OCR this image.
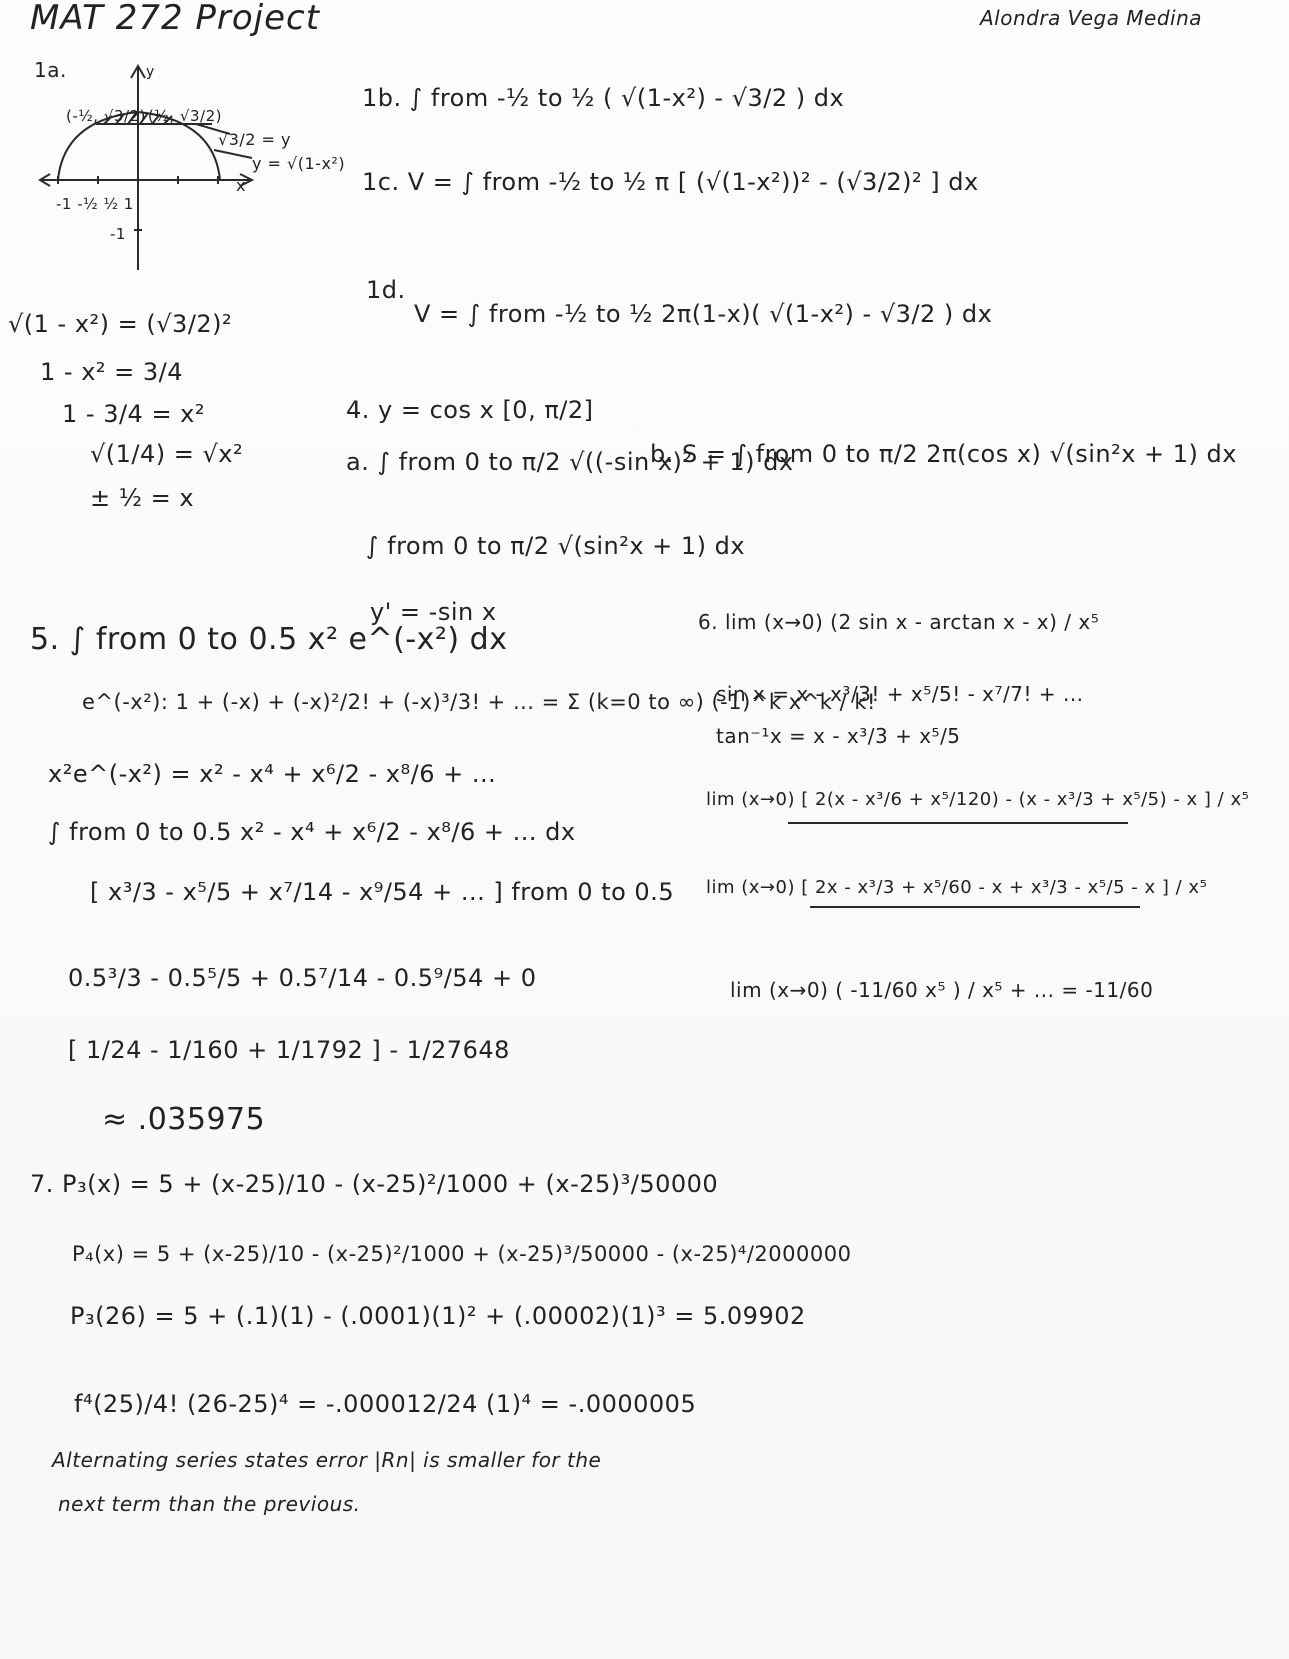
MAT 272 Project	Alondra Vega Medina
1a.
(-½, √3/2) (½, √3/2)
√3/2 = y
y = √(1-x²)
y
x
-1 -½ ½ 1
-1
√(1 - x²) = (√3/2)²
1 - x² = 3/4
1 - 3/4 = x²
√(1/4) = √x²
± ½ = x
1b. ∫ from -½ to ½ ( √(1-x²) - √3/2 ) dx
1c. V = ∫ from -½ to ½ π [ (√(1-x²))² - (√3/2)² ] dx
1d.
V = ∫ from -½ to ½ 2π(1-x)( √(1-x²) - √3/2 ) dx
4. y = cos x [0, π/2]
a. ∫ from 0 to π/2 √((-sin x)² + 1) dx
b. S = ∫ from 0 to π/2 2π(cos x) √(sin²x + 1) dx
∫ from 0 to π/2 √(sin²x + 1) dx
y' = -sin x
5. ∫ from 0 to 0.5 x² e^(-x²) dx
e^(-x²): 1 + (-x) + (-x)²/2! + (-x)³/3! + ... = Σ (k=0 to ∞) (-1)^k x^k / k!
x²e^(-x²) = x² - x⁴ + x⁶/2 - x⁸/6 + ...
∫ from 0 to 0.5 x² - x⁴ + x⁶/2 - x⁸/6 + ... dx
[ x³/3 - x⁵/5 + x⁷/14 - x⁹/54 + ... ] from 0 to 0.5
0.5³/3 - 0.5⁵/5 + 0.5⁷/14 - 0.5⁹/54 + 0
[ 1/24 - 1/160 + 1/1792 ] - 1/27648
≈ .035975
6. lim (x→0) (2 sin x - arctan x - x) / x⁵
sin x = x - x³/3! + x⁵/5! - x⁷/7! + ...
tan⁻¹x = x - x³/3 + x⁵/5
lim (x→0) [ 2(x - x³/6 + x⁵/120) - (x - x³/3 + x⁵/5) - x ] / x⁵
lim (x→0) [ 2x - x³/3 + x⁵/60 - x + x³/3 - x⁵/5 - x ] / x⁵
lim (x→0) ( -11/60 x⁵ ) / x⁵ + ... = -11/60
7. P₃(x) = 5 + (x-25)/10 - (x-25)²/1000 + (x-25)³/50000
P₄(x) = 5 + (x-25)/10 - (x-25)²/1000 + (x-25)³/50000 - (x-25)⁴/2000000
P₃(26) = 5 + (.1)(1) - (.0001)(1)² + (.00002)(1)³ = 5.09902
f⁴(25)/4! (26-25)⁴ = -.000012/24 (1)⁴ = -.0000005
Alternating series states error |Rn| is smaller for the
next term than the previous.
